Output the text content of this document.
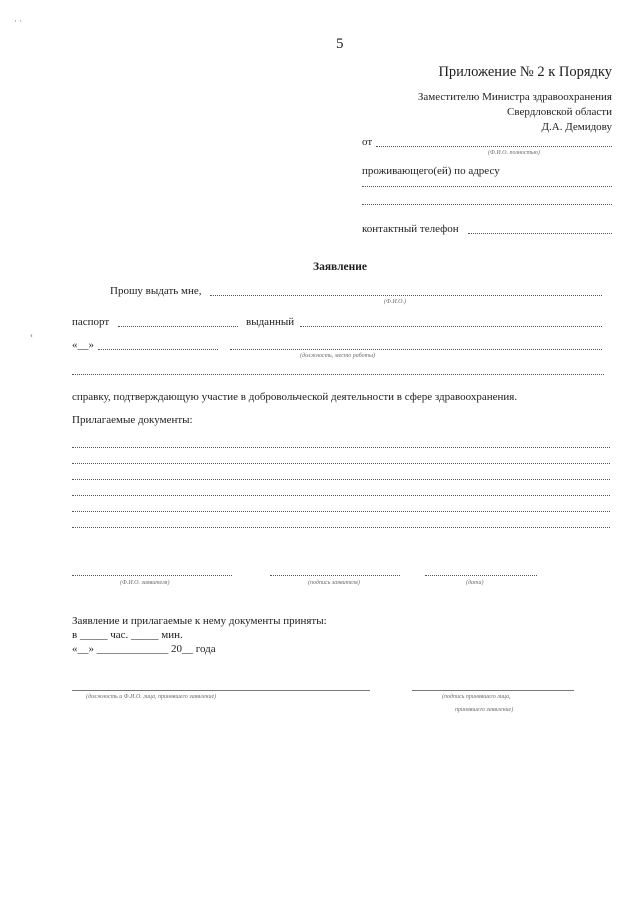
· ·
‹
5
Приложение № 2 к Порядку
Заместителю Министра здравоохранения
Свердловской области
Д.А. Демидову
от
(Ф.И.О. полностью)
проживающего(ей) по адресу
контактный телефон
Заявление
Прошу выдать мне,
(Ф.И.О.)
паспорт	выданный
«__»
(должность, место работы)
справку, подтверждающую участие в добровольческой деятельности в сфере здравоохранения.
Прилагаемые документы:
(Ф.И.О. заявителя)	(подпись заявителя)	(дата)
Заявление и прилагаемые к нему документы приняты:
в _____ час. _____ мин.
«__» _____________ 20__ года
(должность и Ф.И.О. лица, принявшего заявление)	(подпись принявшего лица,
принявшего заявление)
